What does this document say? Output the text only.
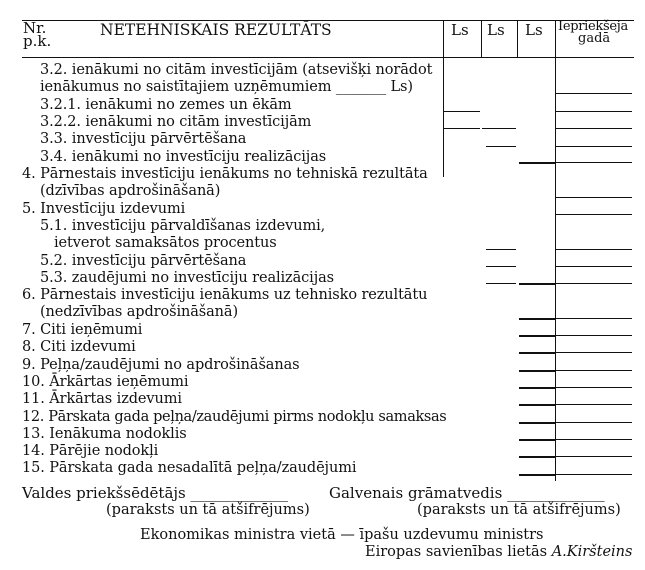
Nr.
p.k.
NETEHNISKAIS REZULTĀTS	Ls Ls Ls Iepriekšējā
gadā
3.2. ienākumi no citām investīcijām (atsevišķi norādot
ienākumus no saistītajiem uzņēmumiem _______ Ls)
3.2.1. ienākumi no zemes un ēkām
3.2.2. ienākumi no citām investīcijām
3.3. investīciju pārvērtēšana
3.4. ienākumi no investīciju realizācijas
4. Pārnestais investīciju ienākums no tehniskā rezultāta
(dzīvības apdrošināšanā)
5. Investīciju izdevumi
5.1. investīciju pārvaldīšanas izdevumi,
ietverot samaksātos procentus
5.2. investīciju pārvērtēšana
5.3. zaudējumi no investīciju realizācijas
6. Pārnestais investīciju ienākums uz tehnisko rezultātu
(nedzīvības apdrošināšanā)
7. Citi ieņēmumi
8. Citi izdevumi
9. Peļņa/zaudējumi no apdrošināšanas
10. Ārkārtas ieņēmumi
11. Ārkārtas izdevumi
12. Pārskata gada peļņa/zaudējumi pirms nodokļu samaksas
13. Ienākuma nodoklis
14. Pārējie nodokļi
15. Pārskata gada nesadalītā peļņa/zaudējumi
Valdes priekšsēdētājs _____________
(paraksts un tā atšifrējums)
Galvenais grāmatvedis _____________
(paraksts un tā atšifrējums)
Ekonomikas ministra vietā — īpašu uzdevumu ministrs
Eiropas savienības lietās A.Kiršteins
